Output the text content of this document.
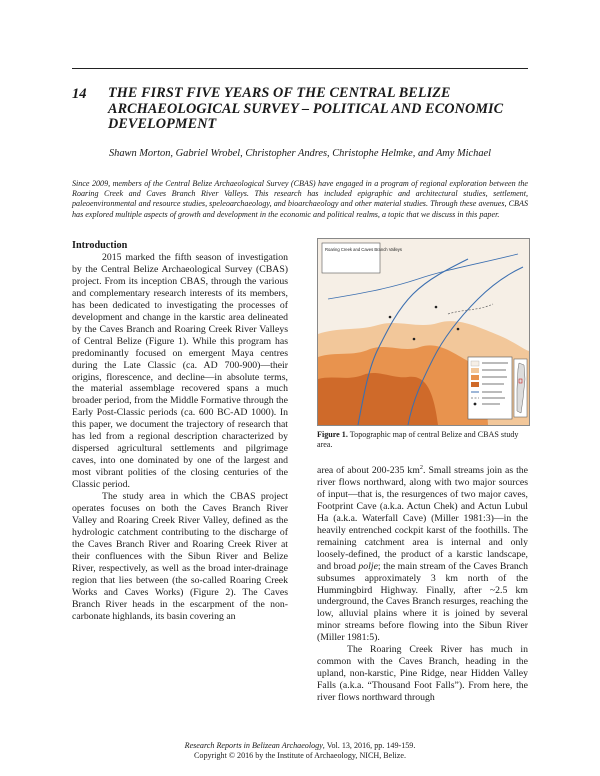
14 THE FIRST FIVE YEARS OF THE CENTRAL BELIZE ARCHAEOLOGICAL SURVEY – POLITICAL AND ECONOMIC DEVELOPMENT
Shawn Morton, Gabriel Wrobel, Christopher Andres, Christophe Helmke, and Amy Michael
Since 2009, members of the Central Belize Archaeological Survey (CBAS) have engaged in a program of regional exploration between the Roaring Creek and Caves Branch River Valleys. This research has included epigraphic and architectural studies, settlement, paleoenvironmental and resource studies, speleoarchaeology, and bioarchaeology and other material studies. Through these avenues, CBAS has explored multiple aspects of growth and development in the economic and political realms, a topic that we discuss in this paper.
Introduction

2015 marked the fifth season of investigation by the Central Belize Archaeological Survey (CBAS) project. From its inception CBAS, through the various and complementary research interests of its members, has been dedicated to investigating the processes of development and change in the karstic area delineated by the Caves Branch and Roaring Creek River Valleys of Central Belize (Figure 1). While this program has predominantly focused on emergent Maya centres during the Late Classic (ca. AD 700-900)—their origins, florescence, and decline—in absolute terms, the material assemblage recovered spans a much broader period, from the Middle Formative through the Early Post-Classic periods (ca. 600 BC-AD 1000). In this paper, we document the trajectory of research that has led from a regional description characterized by dispersed agricultural settlements and pilgrimage caves, into one dominated by one of the largest and most vibrant polities of the closing centuries of the Classic period.

The study area in which the CBAS project operates focuses on both the Caves Branch River Valley and Roaring Creek River Valley, defined as the hydrologic catchment contributing to the discharge of the Caves Branch River and Roaring Creek River at their confluences with the Sibun River and Belize River, respectively, as well as the broad inter-drainage region that lies between (the so-called Roaring Creek Works and Caves Works) (Figure 2). The Caves Branch River heads in the escarpment of the non-carbonate highlands, its basin covering an

Roaring Creek and Caves Branch Valleys
Figure 1. Topographic map of central Belize and CBAS study area.

area of about 200-235 $km^2$. Small streams join as the river flows northward, along with two major sources of input—that is, the resurgences of two major caves, Footprint Cave (a.k.a. Actun Chek) and Actun Lubul Ha (a.k.a. Waterfall Cave) (Miller 1981:3)—in the heavily entrenched cockpit karst of the foothills. The remaining catchment area is internal and only loosely-defined, the product of a karstic landscape, and broad polje; the main stream of the Caves Branch subsumes approximately 3 km north of the Hummingbird Highway. Finally, after ~2.5 km underground, the Caves Branch resurges, reaching the low, alluvial plains where it is joined by several minor streams before flowing into the Sibun River (Miller 1981:5).

The Roaring Creek River has much in common with the Caves Branch, heading in the upland, non-karstic, Pine Ridge, near Hidden Valley Falls (a.k.a. “Thousand Foot Falls”). From here, the river flows northward through

Research Reports in Belizean Archaeology, Vol. 13, 2016, pp. 149-159.
Copyright © 2016 by the Institute of Archaeology, NICH, Belize.
